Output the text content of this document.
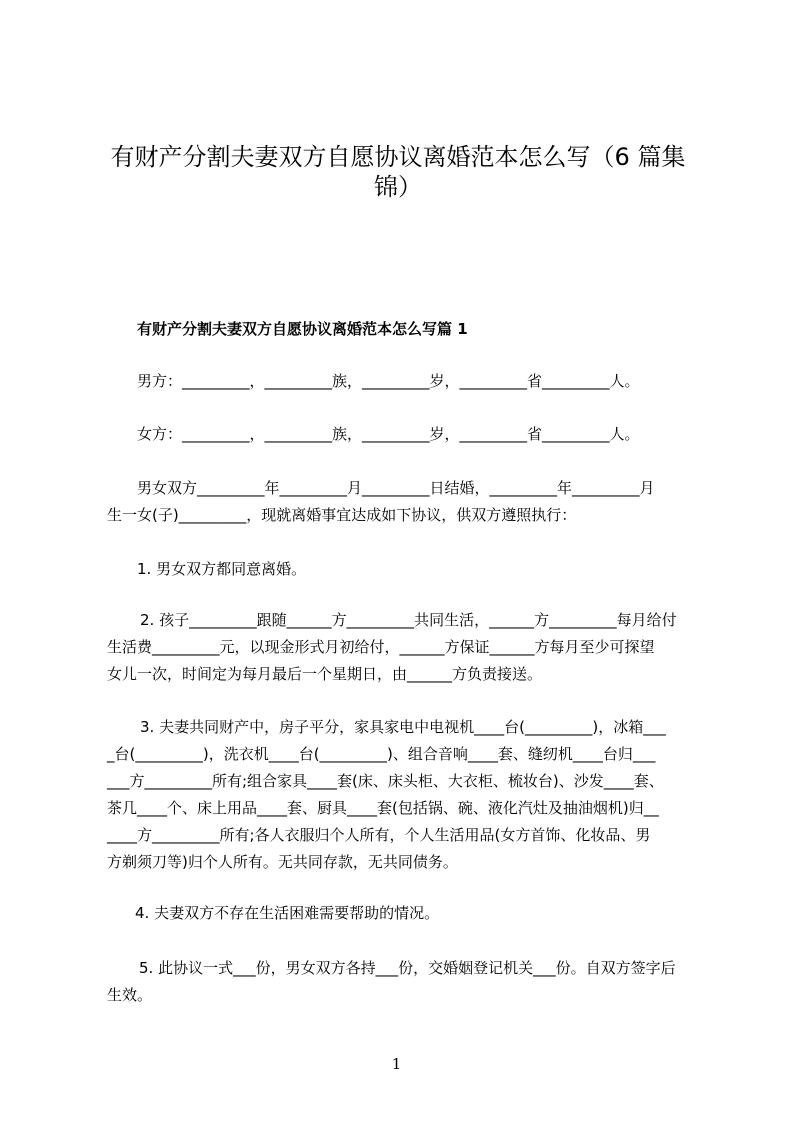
有财产分割夫妻双方自愿协议离婚范本怎么写（6 篇集
锦）

有财产分割夫妻双方自愿协议离婚范本怎么写篇 1

男方：_________，_________族，_________岁，_________省_________人。

女方：_________，_________族，_________岁，_________省_________人。

男女双方_________年_________月_________日结婚，_________年_________月
生一女(子)_________，现就离婚事宜达成如下协议，供双方遵照执行：

1. 男女双方都同意离婚。

2. 孩子_________跟随______方_________共同生活，______方_________每月给付
生活费_________元，以现金形式月初给付，______方保证______方每月至少可探望
女儿一次，时间定为每月最后一个星期日，由______方负责接送。
3. 夫妻共同财产中，房子平分，家具家电中电视机____台(_________)，冰箱___
_台(_________)，洗衣机____台(_________)、组合音响____套、缝纫机____台归___
___方_________所有;组合家具____套(床、床头柜、大衣柜、梳妆台)、沙发____套、
茶几____个、床上用品____套、厨具____套(包括锅、碗、液化汽灶及抽油烟机)归__
____方_________所有;各人衣服归个人所有，个人生活用品(女方首饰、化妆品、男
方剃须刀等)归个人所有。无共同存款，无共同债务。

4. 夫妻双方不存在生活困难需要帮助的情况。

5. 此协议一式___份，男女双方各持___份，交婚姻登记机关___份。自双方签字后
生效。

1
